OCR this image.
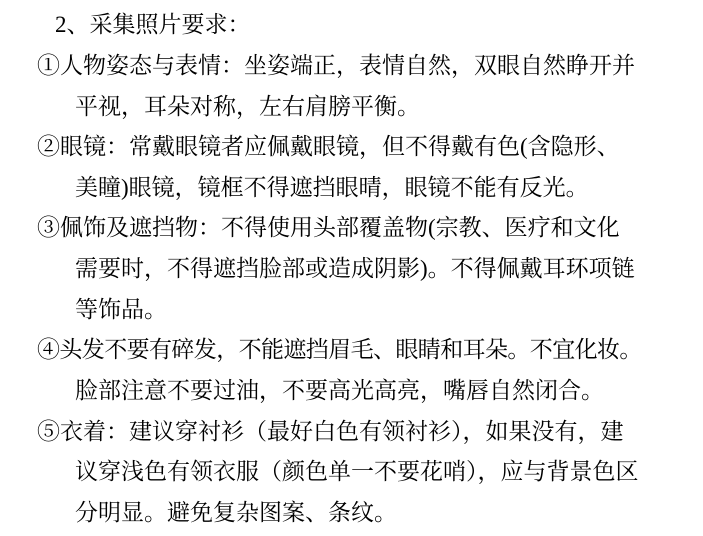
2、采集照片要求：
①人物姿态与表情：坐姿端正，表情自然，双眼自然睁开并
平视，耳朵对称，左右肩膀平衡。
②眼镜：常戴眼镜者应佩戴眼镜，但不得戴有色(含隐形、
美瞳)眼镜，镜框不得遮挡眼晴，眼镜不能有反光。
③佩饰及遮挡物：不得使用头部覆盖物(宗教、医疗和文化
需要时，不得遮挡脸部或造成阴影)。不得佩戴耳环项链
等饰品。
④头发不要有碎发，不能遮挡眉毛、眼睛和耳朵。不宜化妆。
脸部注意不要过油，不要高光高亮，嘴唇自然闭合。
⑤衣着：建议穿衬衫（最好白色有领衬衫），如果没有，建
议穿浅色有领衣服（颜色单一不要花哨），应与背景色区
分明显。避免复杂图案、条纹。
